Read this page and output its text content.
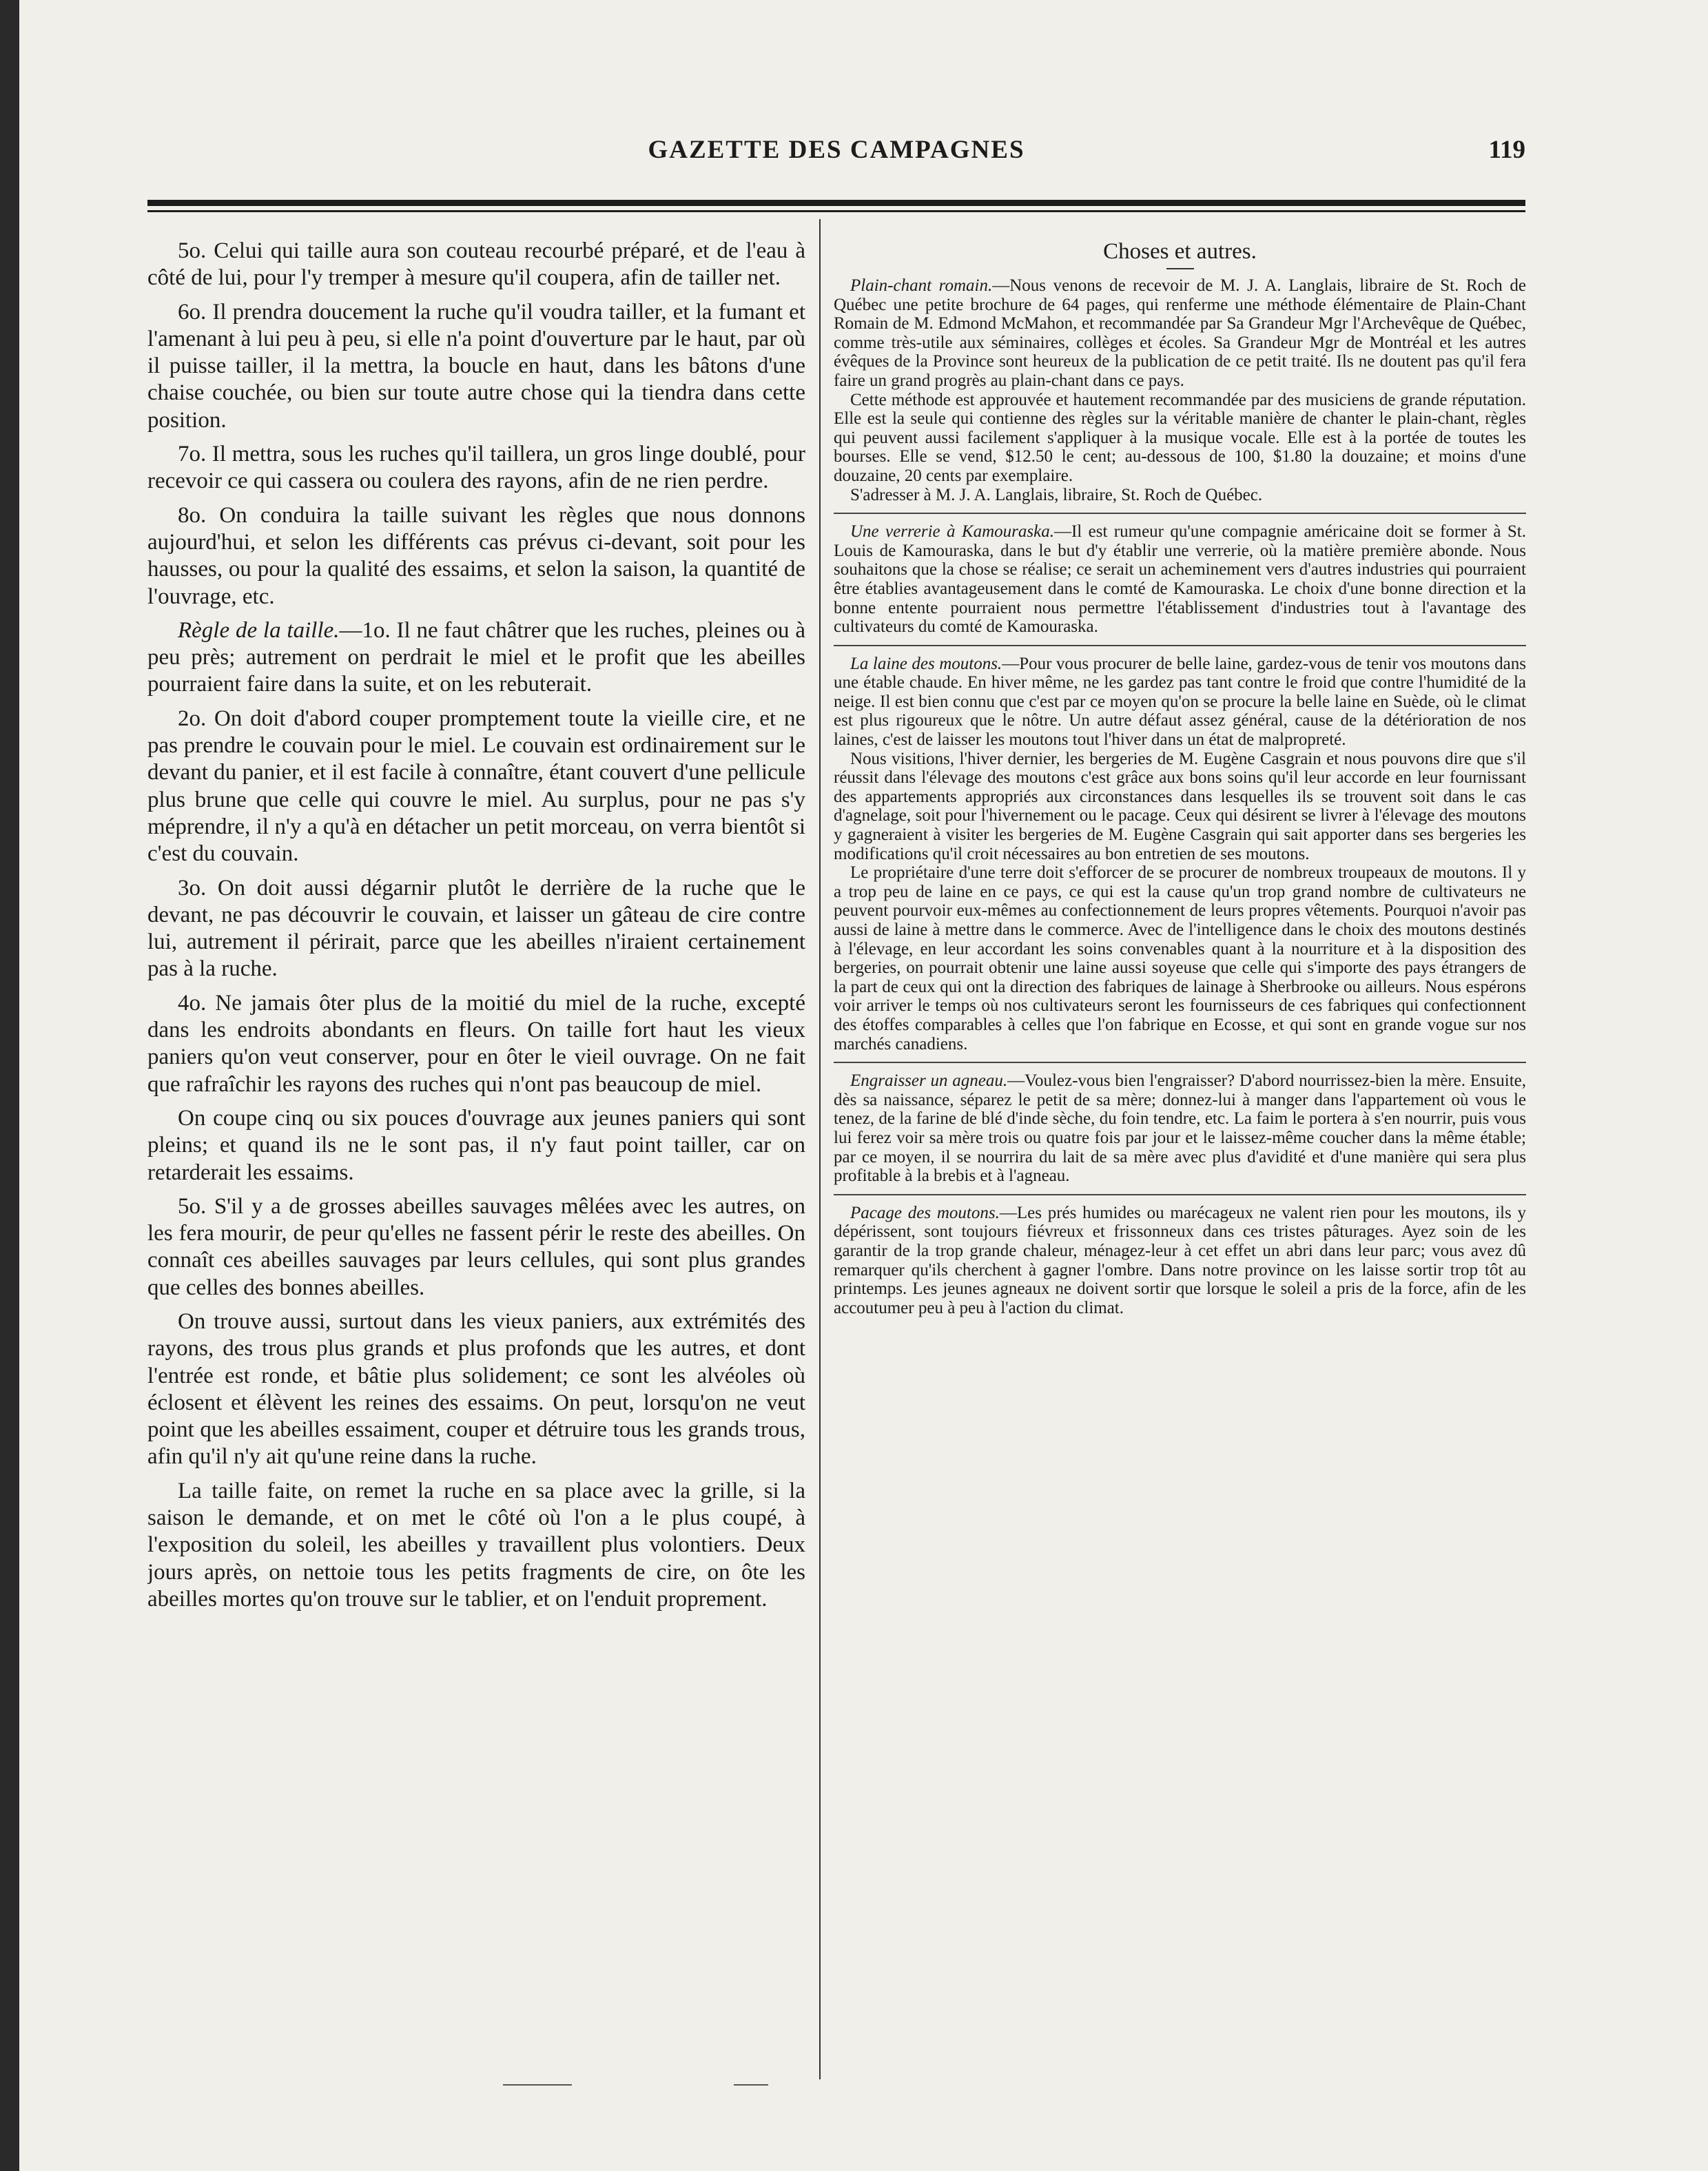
GAZETTE DES CAMPAGNES	119

5o. Celui qui taille aura son couteau recourbé préparé, et de l'eau à côté de lui, pour l'y tremper à mesure qu'il coupera, afin de tailler net.

6o. Il prendra doucement la ruche qu'il voudra tailler, et la fumant et l'amenant à lui peu à peu, si elle n'a point d'ouverture par le haut, par où il puisse tailler, il la mettra, la boucle en haut, dans les bâtons d'une chaise couchée, ou bien sur toute autre chose qui la tiendra dans cette position.

7o. Il mettra, sous les ruches qu'il taillera, un gros linge doublé, pour recevoir ce qui cassera ou coulera des rayons, afin de ne rien perdre.

8o. On conduira la taille suivant les règles que nous donnons aujourd'hui, et selon les différents cas prévus ci-devant, soit pour les hausses, ou pour la qualité des essaims, et selon la saison, la quantité de l'ouvrage, etc.

Règle de la taille.—1o. Il ne faut châtrer que les ruches, pleines ou à peu près; autrement on perdrait le miel et le profit que les abeilles pourraient faire dans la suite, et on les rebuterait.

2o. On doit d'abord couper promptement toute la vieille cire, et ne pas prendre le couvain pour le miel. Le couvain est ordinairement sur le devant du panier, et il est facile à connaître, étant couvert d'une pellicule plus brune que celle qui couvre le miel. Au surplus, pour ne pas s'y méprendre, il n'y a qu'à en détacher un petit morceau, on verra bientôt si c'est du couvain.

3o. On doit aussi dégarnir plutôt le derrière de la ruche que le devant, ne pas découvrir le couvain, et laisser un gâteau de cire contre lui, autrement il périrait, parce que les abeilles n'iraient certainement pas à la ruche.

4o. Ne jamais ôter plus de la moitié du miel de la ruche, excepté dans les endroits abondants en fleurs. On taille fort haut les vieux paniers qu'on veut conserver, pour en ôter le vieil ouvrage. On ne fait que rafraîchir les rayons des ruches qui n'ont pas beaucoup de miel.

On coupe cinq ou six pouces d'ouvrage aux jeunes paniers qui sont pleins; et quand ils ne le sont pas, il n'y faut point tailler, car on retarderait les essaims.

5o. S'il y a de grosses abeilles sauvages mêlées avec les autres, on les fera mourir, de peur qu'elles ne fassent périr le reste des abeilles. On connaît ces abeilles sauvages par leurs cellules, qui sont plus grandes que celles des bonnes abeilles.

On trouve aussi, surtout dans les vieux paniers, aux extrémités des rayons, des trous plus grands et plus profonds que les autres, et dont l'entrée est ronde, et bâtie plus solidement; ce sont les alvéoles où éclosent et élèvent les reines des essaims. On peut, lorsqu'on ne veut point que les abeilles essaiment, couper et détruire tous les grands trous, afin qu'il n'y ait qu'une reine dans la ruche.

La taille faite, on remet la ruche en sa place avec la grille, si la saison le demande, et on met le côté où l'on a le plus coupé, à l'exposition du soleil, les abeilles y travaillent plus volontiers. Deux jours après, on nettoie tous les petits fragments de cire, on ôte les abeilles mortes qu'on trouve sur le tablier, et on l'enduit proprement.

Choses et autres.

Plain-chant romain.—Nous venons de recevoir de M. J. A. Langlais, libraire de St. Roch de Québec une petite brochure de 64 pages, qui renferme une méthode élémentaire de Plain-Chant Romain de M. Edmond McMahon, et recommandée par Sa Grandeur Mgr l'Archevêque de Québec, comme très-utile aux séminaires, collèges et écoles. Sa Grandeur Mgr de Montréal et les autres évêques de la Province sont heureux de la publication de ce petit traité. Ils ne doutent pas qu'il fera faire un grand progrès au plain-chant dans ce pays.

Cette méthode est approuvée et hautement recommandée par des musiciens de grande réputation. Elle est la seule qui contienne des règles sur la véritable manière de chanter le plain-chant, règles qui peuvent aussi facilement s'appliquer à la musique vocale. Elle est à la portée de toutes les bourses. Elle se vend, $12.50 le cent; au-dessous de 100, $1.80 la douzaine; et moins d'une douzaine, 20 cents par exemplaire.

S'adresser à M. J. A. Langlais, libraire, St. Roch de Québec.

Une verrerie à Kamouraska.—Il est rumeur qu'une compagnie américaine doit se former à St. Louis de Kamouraska, dans le but d'y établir une verrerie, où la matière première abonde. Nous souhaitons que la chose se réalise; ce serait un acheminement vers d'autres industries qui pourraient être établies avantageusement dans le comté de Kamouraska. Le choix d'une bonne direction et la bonne entente pourraient nous permettre l'établissement d'industries tout à l'avantage des cultivateurs du comté de Kamouraska.

La laine des moutons.—Pour vous procurer de belle laine, gardez-vous de tenir vos moutons dans une étable chaude. En hiver même, ne les gardez pas tant contre le froid que contre l'humidité de la neige. Il est bien connu que c'est par ce moyen qu'on se procure la belle laine en Suède, où le climat est plus rigoureux que le nôtre. Un autre défaut assez général, cause de la détérioration de nos laines, c'est de laisser les moutons tout l'hiver dans un état de malpropreté.

Nous visitions, l'hiver dernier, les bergeries de M. Eugène Casgrain et nous pouvons dire que s'il réussit dans l'élevage des moutons c'est grâce aux bons soins qu'il leur accorde en leur fournissant des appartements appropriés aux circonstances dans lesquelles ils se trouvent soit dans le cas d'agnelage, soit pour l'hivernement ou le pacage. Ceux qui désirent se livrer à l'élevage des moutons y gagneraient à visiter les bergeries de M. Eugène Casgrain qui sait apporter dans ses bergeries les modifications qu'il croit nécessaires au bon entretien de ses moutons.

Le propriétaire d'une terre doit s'efforcer de se procurer de nombreux troupeaux de moutons. Il y a trop peu de laine en ce pays, ce qui est la cause qu'un trop grand nombre de cultivateurs ne peuvent pourvoir eux-mêmes au confectionnement de leurs propres vêtements. Pourquoi n'avoir pas aussi de laine à mettre dans le commerce. Avec de l'intelligence dans le choix des moutons destinés à l'élevage, en leur accordant les soins convenables quant à la nourriture et à la disposition des bergeries, on pourrait obtenir une laine aussi soyeuse que celle qui s'importe des pays étrangers de la part de ceux qui ont la direction des fabriques de lainage à Sherbrooke ou ailleurs. Nous espérons voir arriver le temps où nos cultivateurs seront les fournisseurs de ces fabriques qui confectionnent des étoffes comparables à celles que l'on fabrique en Ecosse, et qui sont en grande vogue sur nos marchés canadiens.

Engraisser un agneau.—Voulez-vous bien l'engraisser? D'abord nourrissez-bien la mère. Ensuite, dès sa naissance, séparez le petit de sa mère; donnez-lui à manger dans l'appartement où vous le tenez, de la farine de blé d'inde sèche, du foin tendre, etc. La faim le portera à s'en nourrir, puis vous lui ferez voir sa mère trois ou quatre fois par jour et le laissez-même coucher dans la même étable; par ce moyen, il se nourrira du lait de sa mère avec plus d'avidité et d'une manière qui sera plus profitable à la brebis et à l'agneau.

Pacage des moutons.—Les prés humides ou marécageux ne valent rien pour les moutons, ils y dépérissent, sont toujours fiévreux et frissonneux dans ces tristes pâturages. Ayez soin de les garantir de la trop grande chaleur, ménagez-leur à cet effet un abri dans leur parc; vous avez dû remarquer qu'ils cherchent à gagner l'ombre. Dans notre province on les laisse sortir trop tôt au printemps. Les jeunes agneaux ne doivent sortir que lorsque le soleil a pris de la force, afin de les accoutumer peu à peu à l'action du climat.
